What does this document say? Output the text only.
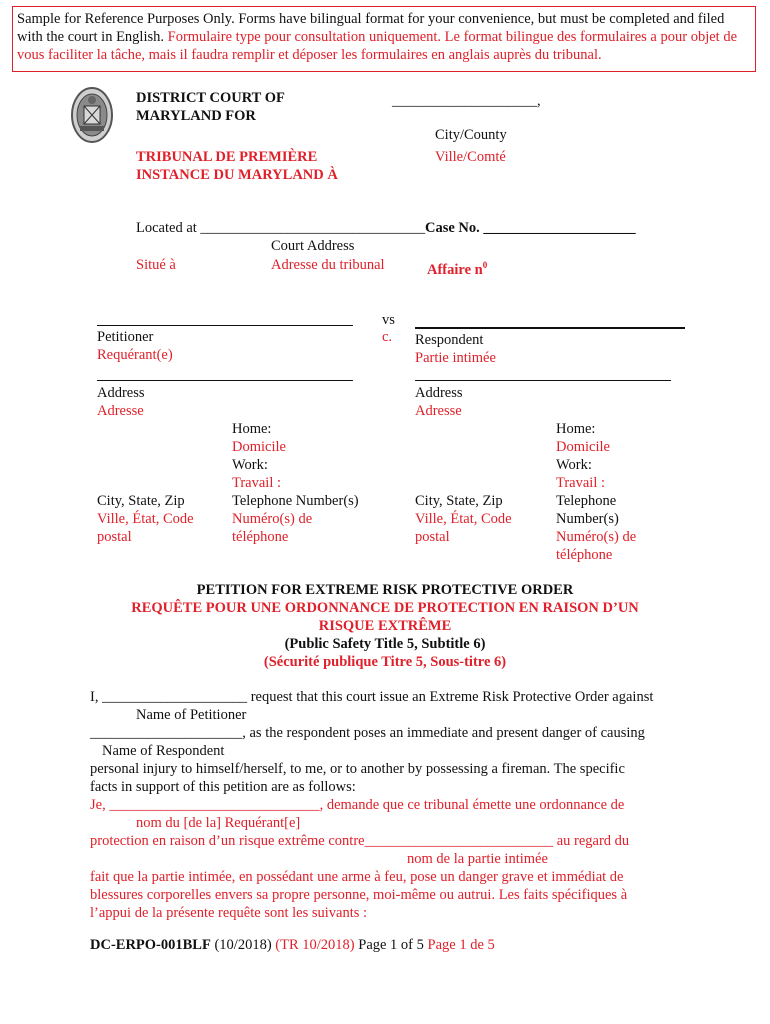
Sample for Reference Purposes Only. Forms have bilingual format for your convenience, but must be completed and filed with the court in English. Formulaire type pour consultation uniquement. Le format bilingue des formulaires a pour objet de vous faciliter la tâche, mais il faudra remplir et déposer les formulaires en anglais auprès du tribunal.
DISTRICT COURT OF
MARYLAND FOR
TRIBUNAL DE PREMIÈRE
INSTANCE DU MARYLAND À
____________________,
City/County
Ville/Comté
Located at _______________________________ Case No. _____________________
Court Address
Situé à	Adresse du tribunal	Affaire $n^0$
vs
c.
Petitioner
Requérant(e)
Respondent
Partie intimée
Address
Adresse
Address
Adresse
Home:
Domicile
Work:
Travail :
City, State, Zip
Ville, État, Code
postal
Telephone Number(s)
Numéro(s) de
téléphone
Home:
Domicile
Work:
Travail :
City, State, Zip
Ville, État, Code
postal
Telephone
Number(s)
Numéro(s) de
téléphone
PETITION FOR EXTREME RISK PROTECTIVE ORDER
REQUÊTE POUR UNE ORDONNANCE DE PROTECTION EN RAISON D’UN
RISQUE EXTRÊME
(Public Safety Title 5, Subtitle 6)
(Sécurité publique Titre 5, Sous-titre 6)
I, ____________________ request that this court issue an Extreme Risk Protective Order against
Name of Petitioner
_____________________, as the respondent poses an immediate and present danger of causing
Name of Respondent
personal injury to himself/herself, to me, or to another by possessing a fireman. The specific
facts in support of this petition are as follows:
Je, _____________________________, demande que ce tribunal émette une ordonnance de
nom du [de la] Requérant[e]
protection en raison d’un risque extrême contre__________________________ au regard du
nom de la partie intimée
fait que la partie intimée, en possédant une arme à feu, pose un danger grave et immédiat de
blessures corporelles envers sa propre personne, moi-même ou autrui. Les faits spécifiques à
l’appui de la présente requête sont les suivants :
DC-ERPO-001BLF (10/2018) (TR 10/2018) Page 1 of 5 Page 1 de 5
